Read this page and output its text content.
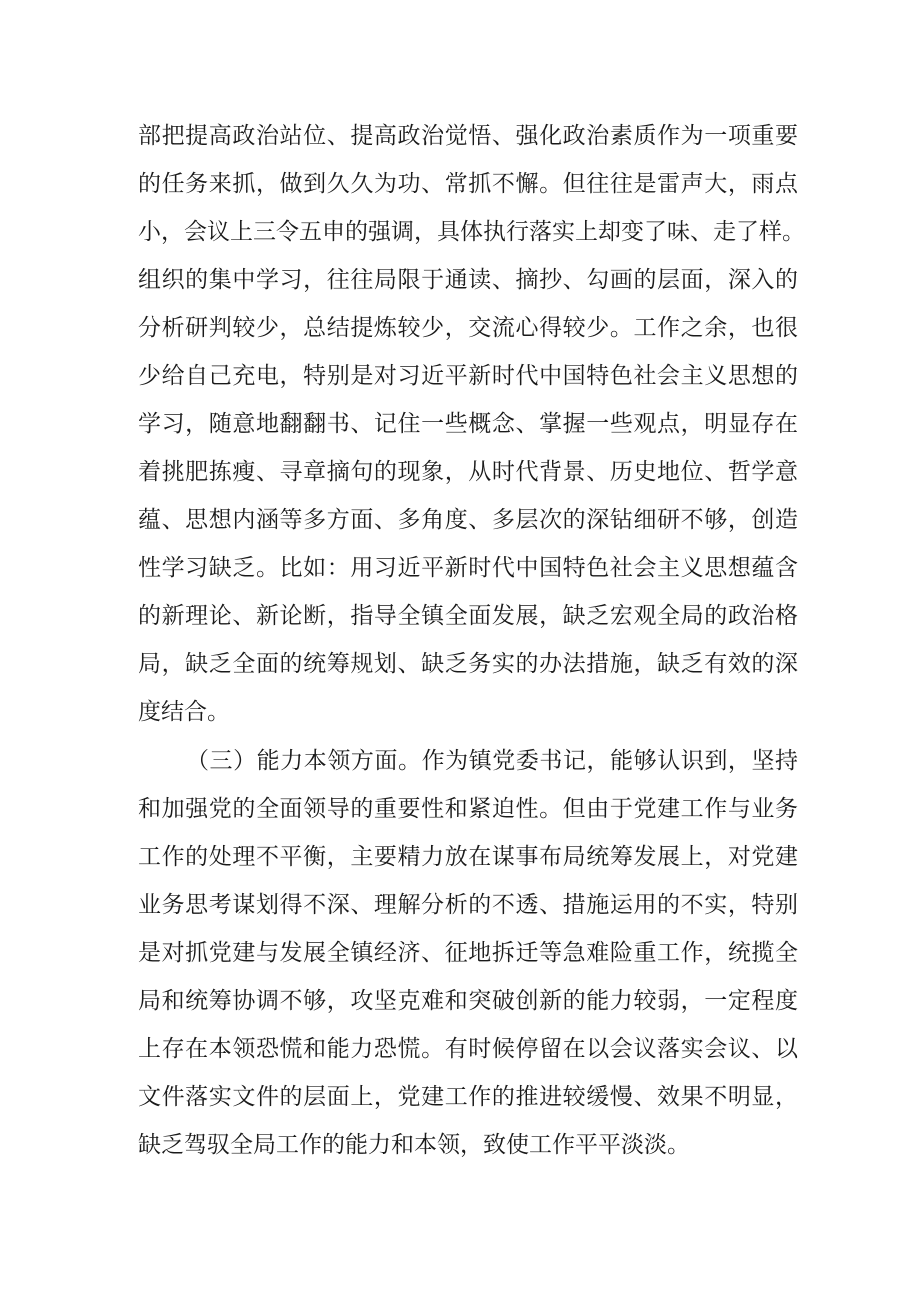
部把提高政治站位、提高政治觉悟、强化政治素质作为一项重要
的任务来抓，做到久久为功、常抓不懈。但往往是雷声大，雨点
小，会议上三令五申的强调，具体执行落实上却变了味、走了样。
组织的集中学习，往往局限于通读、摘抄、勾画的层面，深入的
分析研判较少，总结提炼较少，交流心得较少。工作之余，也很
少给自己充电，特别是对习近平新时代中国特色社会主义思想的
学习，随意地翻翻书、记住一些概念、掌握一些观点，明显存在
着挑肥拣瘦、寻章摘句的现象，从时代背景、历史地位、哲学意
蕴、思想内涵等多方面、多角度、多层次的深钻细研不够，创造
性学习缺乏。比如：用习近平新时代中国特色社会主义思想蕴含
的新理论、新论断，指导全镇全面发展，缺乏宏观全局的政治格
局，缺乏全面的统筹规划、缺乏务实的办法措施，缺乏有效的深
度结合。
（三）能力本领方面。作为镇党委书记，能够认识到，坚持
和加强党的全面领导的重要性和紧迫性。但由于党建工作与业务
工作的处理不平衡，主要精力放在谋事布局统筹发展上，对党建
业务思考谋划得不深、理解分析的不透、措施运用的不实，特别
是对抓党建与发展全镇经济、征地拆迁等急难险重工作，统揽全
局和统筹协调不够，攻坚克难和突破创新的能力较弱，一定程度
上存在本领恐慌和能力恐慌。有时候停留在以会议落实会议、以
文件落实文件的层面上，党建工作的推进较缓慢、效果不明显，
缺乏驾驭全局工作的能力和本领，致使工作平平淡淡。
